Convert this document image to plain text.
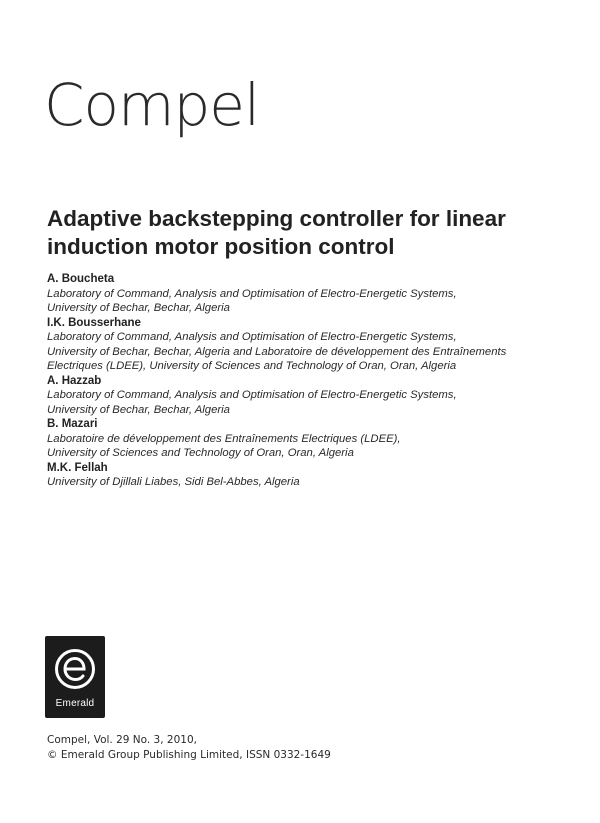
Compel
Adaptive backstepping controller for linear
induction motor position control
A. Boucheta
Laboratory of Command, Analysis and Optimisation of Electro-Energetic Systems,
University of Bechar, Bechar, Algeria
I.K. Bousserhane
Laboratory of Command, Analysis and Optimisation of Electro-Energetic Systems,
University of Bechar, Bechar, Algeria and Laboratoire de développement des Entraînements
Electriques (LDEE), University of Sciences and Technology of Oran, Oran, Algeria
A. Hazzab
Laboratory of Command, Analysis and Optimisation of Electro-Energetic Systems,
University of Bechar, Bechar, Algeria
B. Mazari
Laboratoire de développement des Entraînements Electriques (LDEE),
University of Sciences and Technology of Oran, Oran, Algeria
M.K. Fellah
University of Djillali Liabes, Sidi Bel-Abbes, Algeria
Emerald
Compel, Vol. 29 No. 3, 2010,
© Emerald Group Publishing Limited, ISSN 0332-1649
